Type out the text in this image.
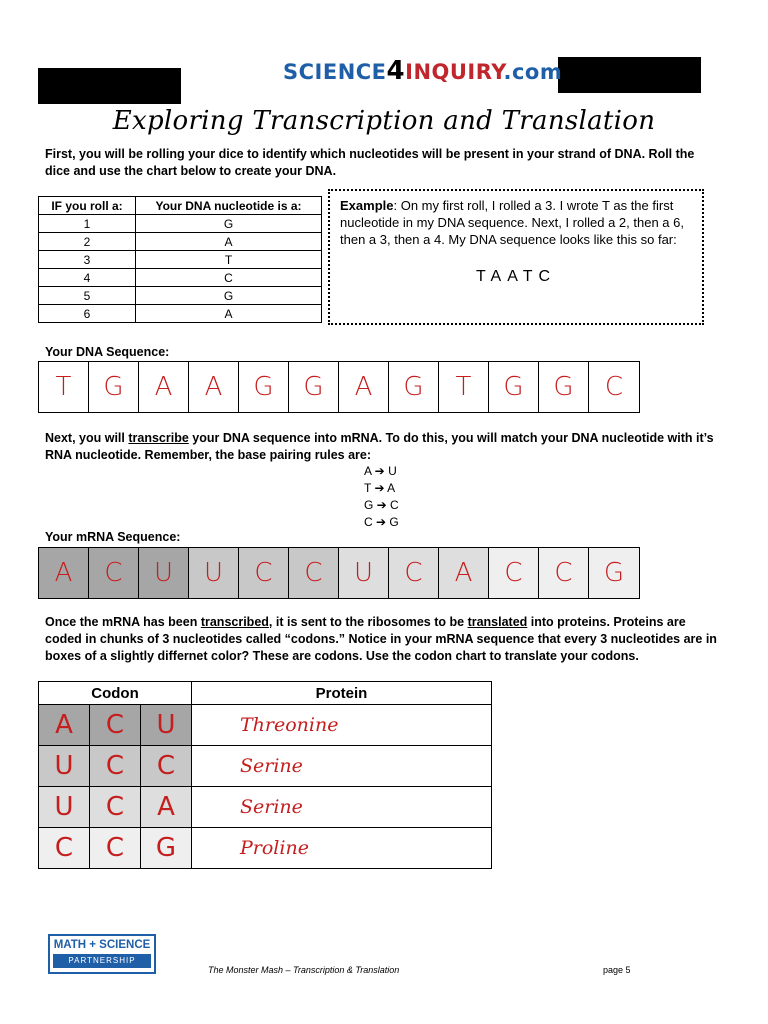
SCIENCE4INQUIRY.com
Exploring Transcription and Translation
First, you will be rolling your dice to identify which nucleotides will be present in your strand of DNA. Roll the dice and use the chart below to create your DNA.
IF you roll a:	Your DNA nucleotide is a:
1	G
2	A
3	T
4	C
5	G
6	A
Example: On my first roll, I rolled a 3. I wrote T as the first nucleotide in my DNA sequence. Next, I rolled a 2, then a 6, then a 3, then a 4. My DNA sequence looks like this so far:
TAATC
Your DNA Sequence:
T	G	A	A	G	G	A	G	T	G	G	C
Next, you will transcribe your DNA sequence into mRNA. To do this, you will match your DNA nucleotide with it’s RNA nucleotide. Remember, the base pairing rules are:
A ➔ U
T ➔ A
G ➔ C
C ➔ G
Your mRNA Sequence:
A	C	U	U	C	C	U	C	A	C	C	G
Once the mRNA has been transcribed, it is sent to the ribosomes to be translated into proteins. Proteins are coded in chunks of 3 nucleotides called “codons.” Notice in your mRNA sequence that every 3 nucleotides are in boxes of a slightly differnet color? These are codons. Use the codon chart to translate your codons.
Codon			Protein
A	C	U	Threonine
U	C	C	Serine
U	C	A	Serine
C	C	G	Proline
MATH + SCIENCE
PARTNERSHIP
The Monster Mash – Transcription & Translation	page 5
